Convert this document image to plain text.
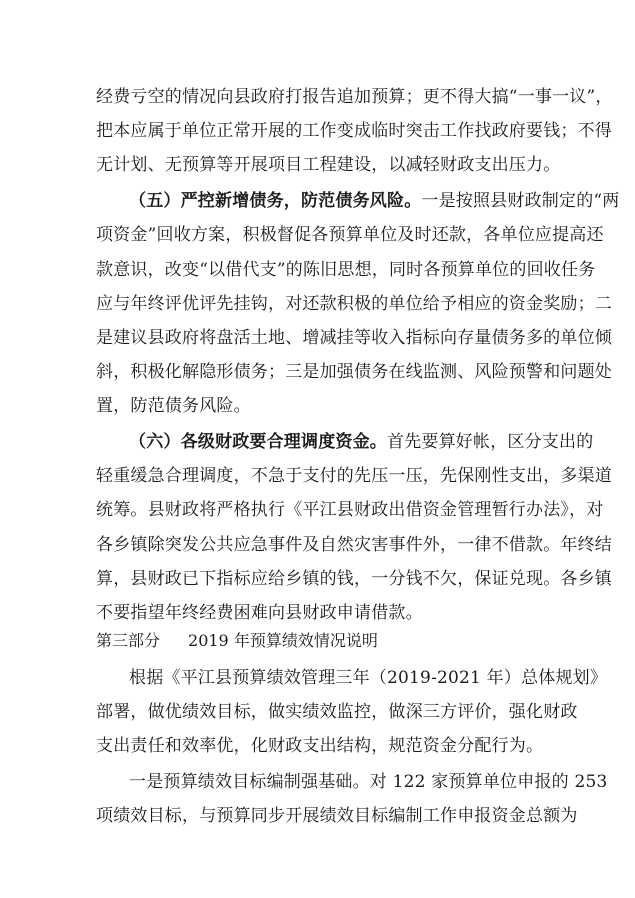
经费亏空的情况向县政府打报告追加预算；更不得大搞“一事一议”，
把本应属于单位正常开展的工作变成临时突击工作找政府要钱；不得
无计划、无预算等开展项目工程建设，以减轻财政支出压力。
（五）严控新增债务，防范债务风险。一是按照县财政制定的“两
项资金”回收方案，积极督促各预算单位及时还款，各单位应提高还
款意识，改变“以借代支”的陈旧思想，同时各预算单位的回收任务
应与年终评优评先挂钩，对还款积极的单位给予相应的资金奖励；二
是建议县政府将盘活土地、增减挂等收入指标向存量债务多的单位倾
斜，积极化解隐形债务；三是加强债务在线监测、风险预警和问题处
置，防范债务风险。
（六）各级财政要合理调度资金。首先要算好帐，区分支出的
轻重缓急合理调度，不急于支付的先压一压，先保刚性支出，多渠道
统筹。县财政将严格执行《平江县财政出借资金管理暂行办法》，对
各乡镇除突发公共应急事件及自然灾害事件外，一律不借款。年终结
算，县财政已下指标应给乡镇的钱，一分钱不欠，保证兑现。各乡镇
不要指望年终经费困难向县财政申请借款。
第三部分 2019 年预算绩效情况说明
根据《平江县预算绩效管理三年（2019-2021 年）总体规划》
部署，做优绩效目标，做实绩效监控，做深三方评价，强化财政
支出责任和效率优，化财政支出结构，规范资金分配行为。
一是预算绩效目标编制强基础。对 122 家预算单位申报的 253
项绩效目标，与预算同步开展绩效目标编制工作申报资金总额为
